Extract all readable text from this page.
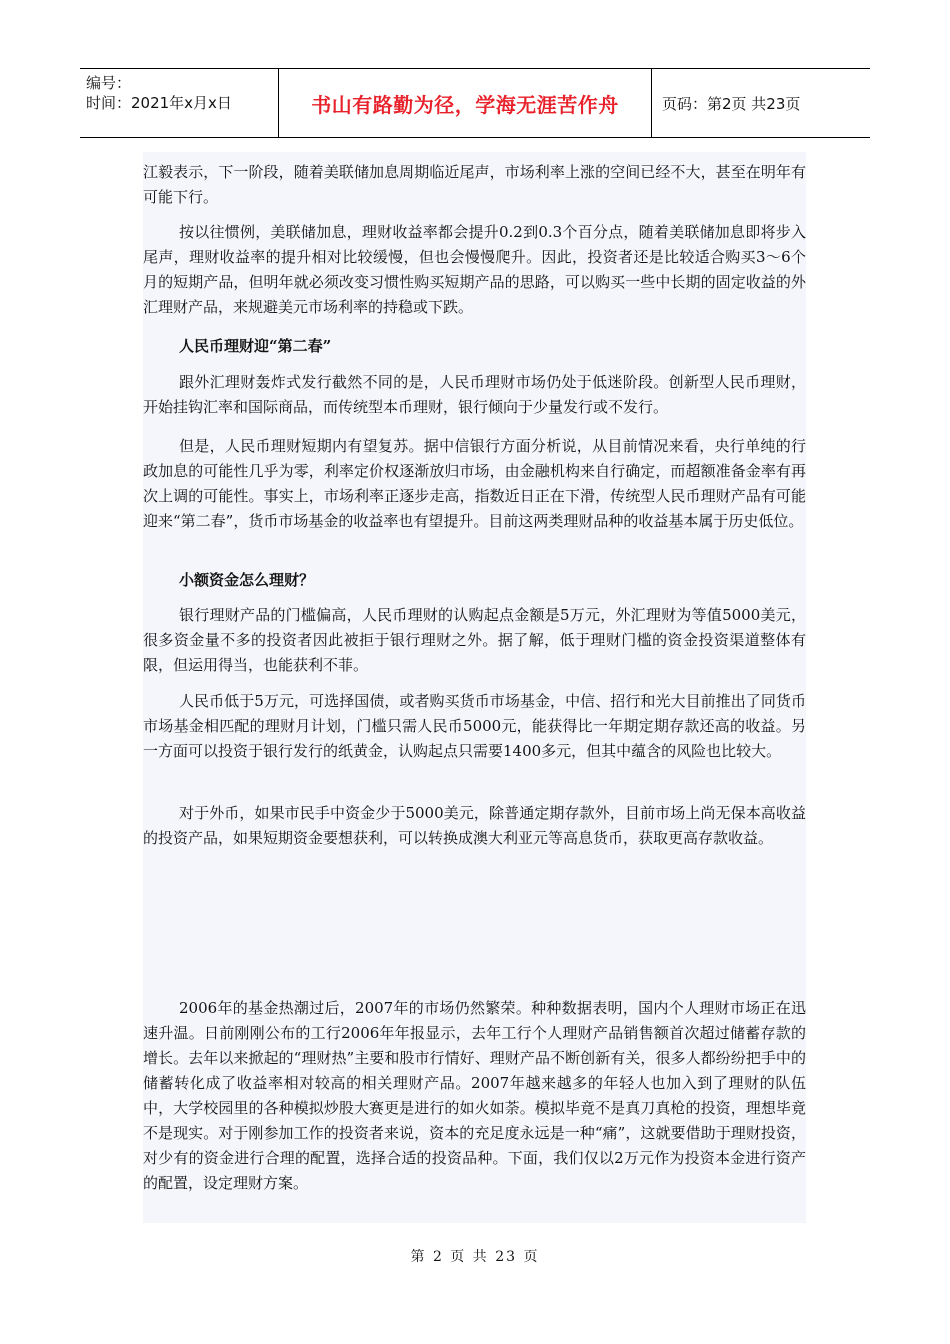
编号：
时间：2021年x月x日	书山有路勤为径，学海无涯苦作舟	页码：第2页 共23页

江毅表示，下一阶段，随着美联储加息周期临近尾声，市场利率上涨的空间已经不大，甚至在明年有可能下行。

按以往惯例，美联储加息，理财收益率都会提升0.2到0.3个百分点，随着美联储加息即将步入尾声，理财收益率的提升相对比较缓慢，但也会慢慢爬升。因此，投资者还是比较适合购买3～6个月的短期产品，但明年就必须改变习惯性购买短期产品的思路，可以购买一些中长期的固定收益的外汇理财产品，来规避美元市场利率的持稳或下跌。

人民币理财迎“第二春”

跟外汇理财轰炸式发行截然不同的是，人民币理财市场仍处于低迷阶段。创新型人民币理财，开始挂钩汇率和国际商品，而传统型本币理财，银行倾向于少量发行或不发行。

但是，人民币理财短期内有望复苏。据中信银行方面分析说，从目前情况来看，央行单纯的行政加息的可能性几乎为零，利率定价权逐渐放归市场，由金融机构来自行确定，而超额准备金率有再次上调的可能性。事实上，市场利率正逐步走高，指数近日正在下滑，传统型人民币理财产品有可能迎来“第二春”，货币市场基金的收益率也有望提升。目前这两类理财品种的收益基本属于历史低位。

小额资金怎么理财？

银行理财产品的门槛偏高，人民币理财的认购起点金额是5万元，外汇理财为等值5000美元，很多资金量不多的投资者因此被拒于银行理财之外。据了解，低于理财门槛的资金投资渠道整体有限，但运用得当，也能获利不菲。

人民币低于5万元，可选择国债，或者购买货币市场基金，中信、招行和光大目前推出了同货币市场基金相匹配的理财月计划，门槛只需人民币5000元，能获得比一年期定期存款还高的收益。另一方面可以投资于银行发行的纸黄金，认购起点只需要1400多元，但其中蕴含的风险也比较大。

对于外币，如果市民手中资金少于5000美元，除普通定期存款外，目前市场上尚无保本高收益的投资产品，如果短期资金要想获利，可以转换成澳大利亚元等高息货币，获取更高存款收益。

2006年的基金热潮过后，2007年的市场仍然繁荣。种种数据表明，国内个人理财市场正在迅速升温。日前刚刚公布的工行2006年年报显示，去年工行个人理财产品销售额首次超过储蓄存款的增长。去年以来掀起的“理财热”主要和股市行情好、理财产品不断创新有关，很多人都纷纷把手中的储蓄转化成了收益率相对较高的相关理财产品。2007年越来越多的年轻人也加入到了理财的队伍中，大学校园里的各种模拟炒股大赛更是进行的如火如荼。模拟毕竟不是真刀真枪的投资，理想毕竟不是现实。对于刚参加工作的投资者来说，资本的充足度永远是一种“痛”，这就要借助于理财投资，对少有的资金进行合理的配置，选择合适的投资品种。下面，我们仅以2万元作为投资本金进行资产的配置，设定理财方案。

第 2 页 共 23 页
